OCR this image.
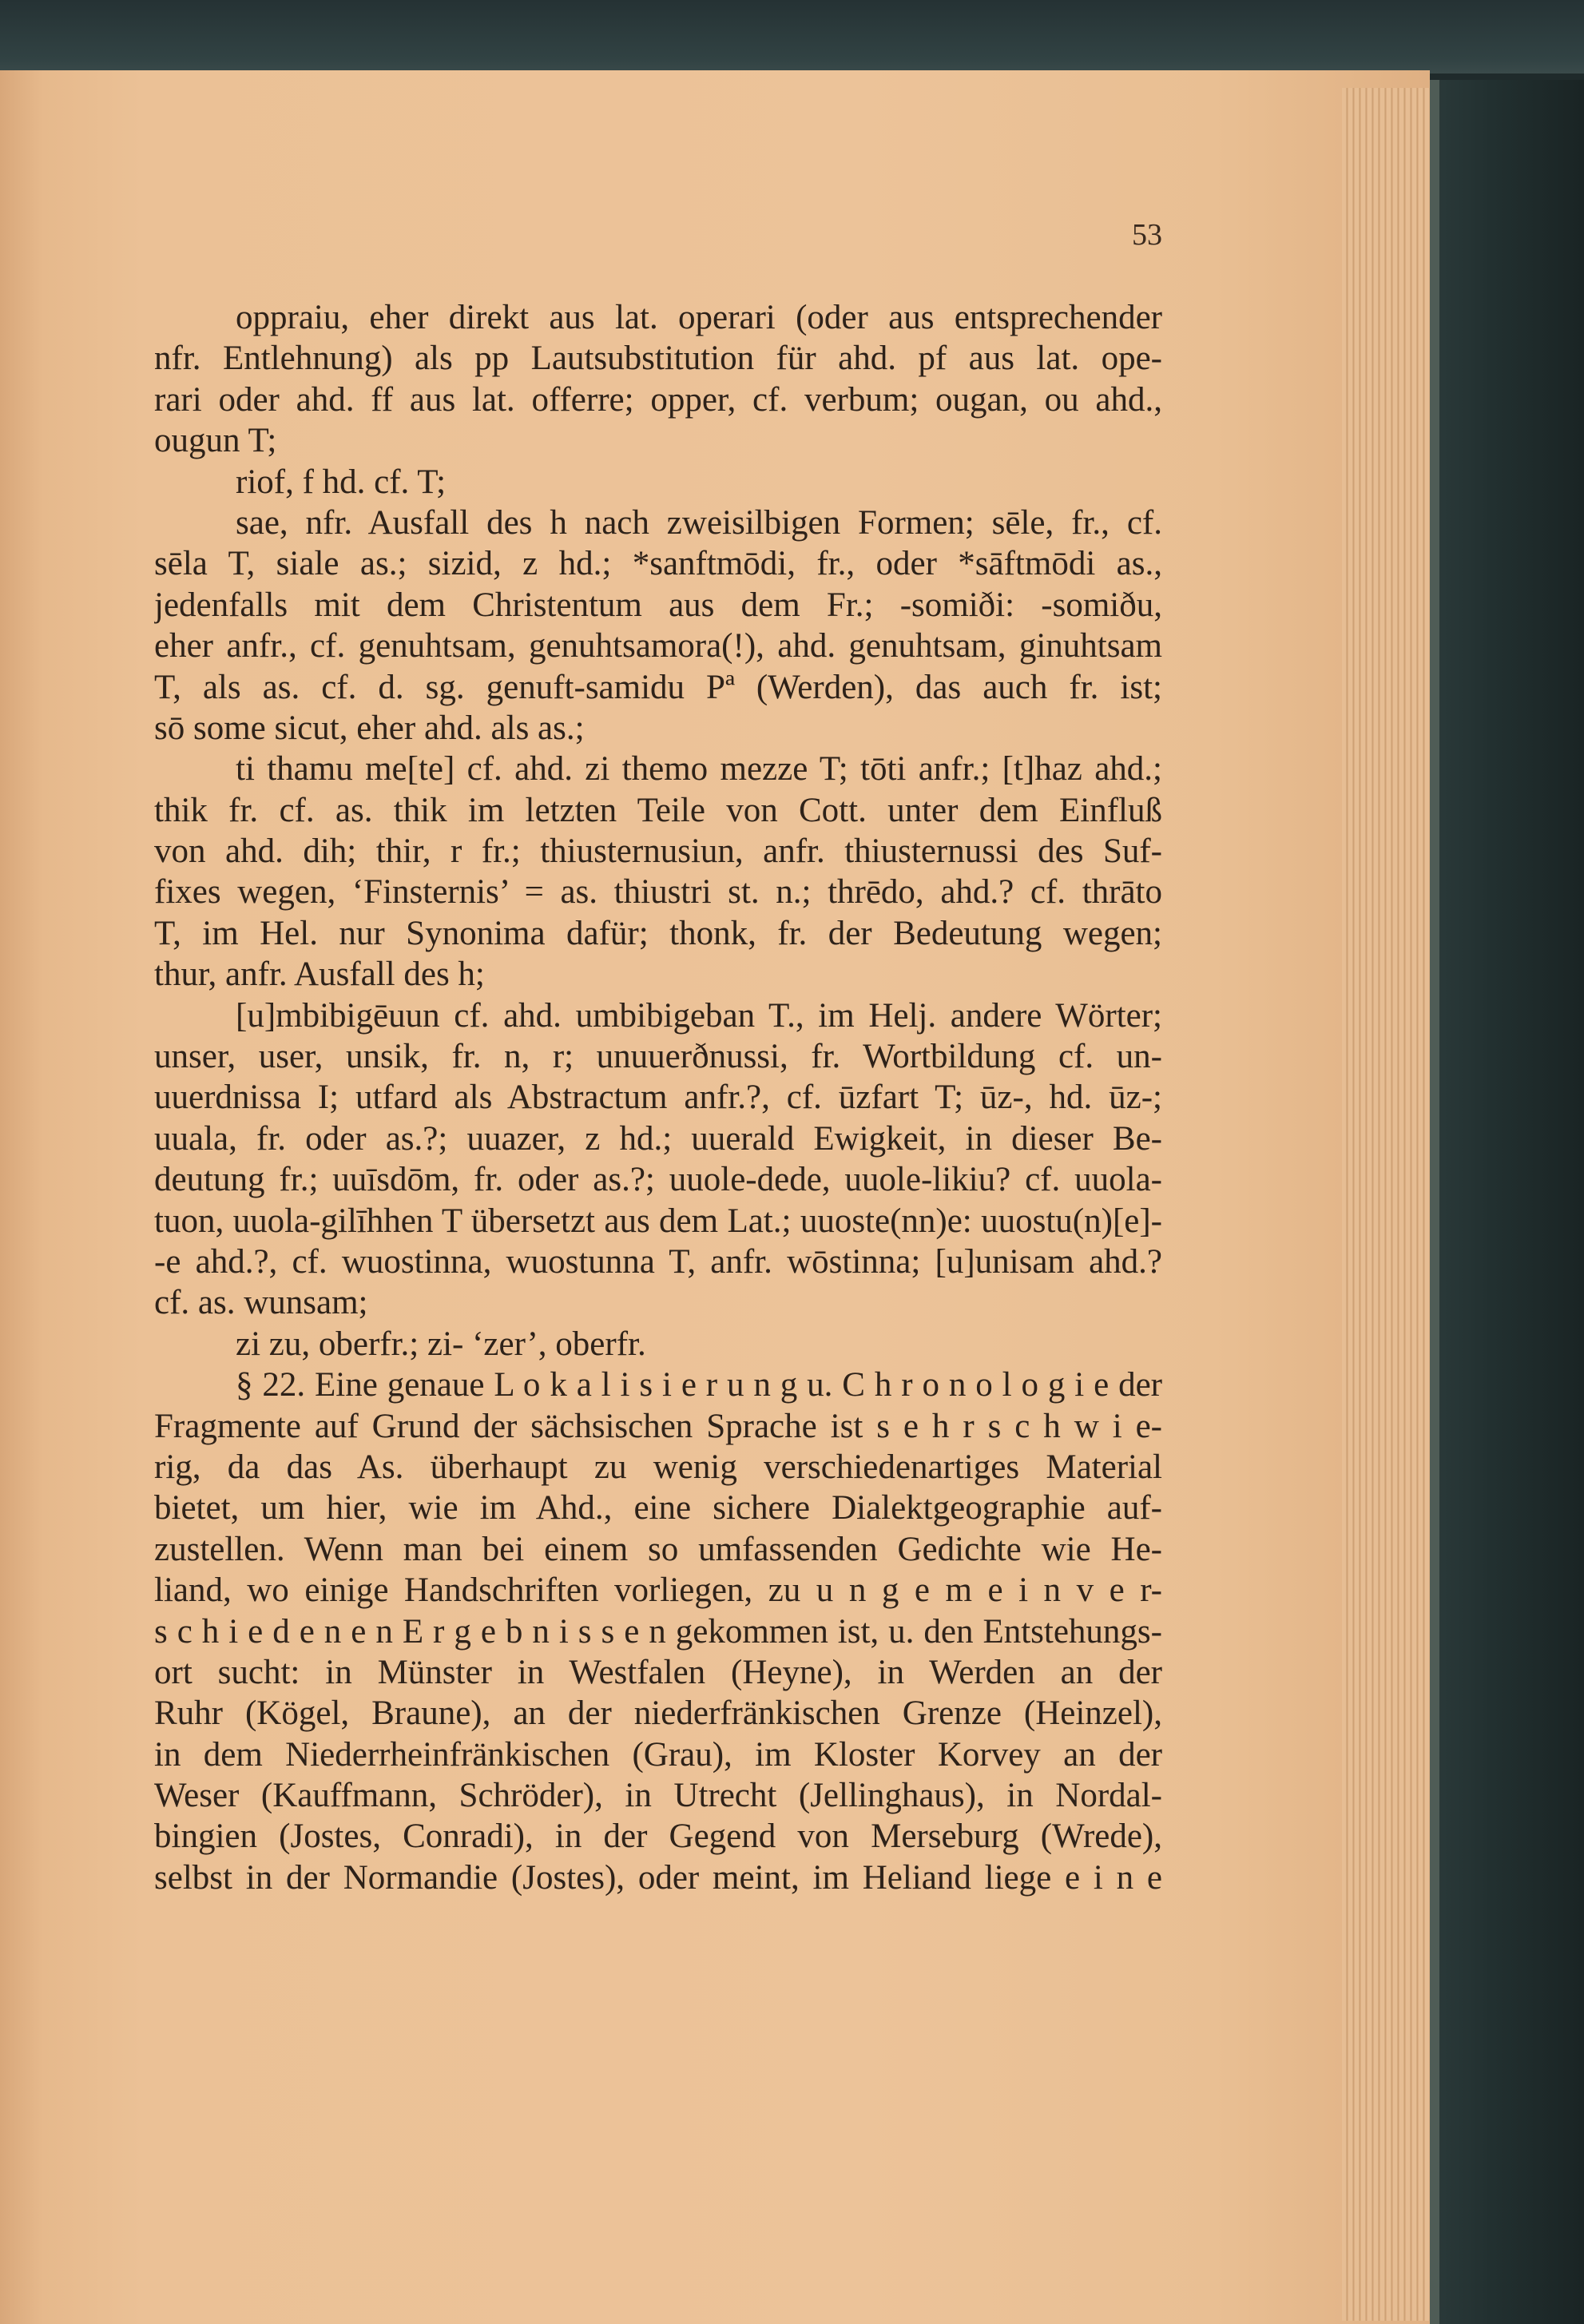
53
oppraiu, eher direkt aus lat. operari (oder aus entsprechender
nfr. Entlehnung) als pp Lautsubstitution für ahd. pf aus lat. ope-
rari oder ahd. ff aus lat. offerre; opper, cf. verbum; ougan, ou ahd.,
ougun T;
riof, f hd. cf. T;
sae, nfr. Ausfall des h nach zweisilbigen Formen; sēle, fr., cf.
sēla T, siale as.; sizid, z hd.; *sanftmōdi, fr., oder *sāftmōdi as.,
jedenfalls mit dem Christentum aus dem Fr.; -somiði: -somiðu,
eher anfr., cf. genuhtsam, genuhtsamora(!), ahd. genuhtsam, ginuhtsam
T, als as. cf. d. sg. genuft-samidu Pª (Werden), das auch fr. ist;
sō some sicut, eher ahd. als as.;
ti thamu me[te] cf. ahd. zi themo mezze T; tōti anfr.; [t]haz ahd.;
thik fr. cf. as. thik im letzten Teile von Cott. unter dem Einfluß
von ahd. dih; thir, r fr.; thiusternusiun, anfr. thiusternussi des Suf-
fixes wegen, ‘Finsternis’ = as. thiustri st. n.; thrēdo, ahd.? cf. thrāto
T, im Hel. nur Synonima dafür; thonk, fr. der Bedeutung wegen;
thur, anfr. Ausfall des h;
[u]mbibigēuun cf. ahd. umbibigeban T., im Helj. andere Wörter;
unser, user, unsik, fr. n, r; unuuerðnussi, fr. Wortbildung cf. un-
uuerdnissa I; utfard als Abstractum anfr.?, cf. ūzfart T; ūz-, hd. ūz-;
uuala, fr. oder as.?; uuazer, z hd.; uuerald Ewigkeit, in dieser Be-
deutung fr.; uuīsdōm, fr. oder as.?; uuole-dede, uuole-likiu? cf. uuola-
tuon, uuola-gilīhhen T übersetzt aus dem Lat.; uuoste(nn)e: uuostu(n)[e]-
-e ahd.?, cf. wuostinna, wuostunna T, anfr. wōstinna; [u]unisam ahd.?
cf. as. wunsam;
zi zu, oberfr.; zi- ‘zer’, oberfr.
§ 22. Eine genaue L o k a l i s i e r u n g u. C h r o n o l o g i e der
Fragmente auf Grund der sächsischen Sprache ist s e h r s c h w i e-
rig, da das As. überhaupt zu wenig verschiedenartiges Material
bietet, um hier, wie im Ahd., eine sichere Dialektgeographie auf-
zustellen. Wenn man bei einem so umfassenden Gedichte wie He-
liand, wo einige Handschriften vorliegen, zu u n g e m e i n v e r-
s c h i e d e n e n E r g e b n i s s e n gekommen ist, u. den Entstehungs-
ort sucht: in Münster in Westfalen (Heyne), in Werden an der
Ruhr (Kögel, Braune), an der niederfränkischen Grenze (Heinzel),
in dem Niederrheinfränkischen (Grau), im Kloster Korvey an der
Weser (Kauffmann, Schröder), in Utrecht (Jellinghaus), in Nordal-
bingien (Jostes, Conradi), in der Gegend von Merseburg (Wrede),
selbst in der Normandie (Jostes), oder meint, im Heliand liege e i n e
